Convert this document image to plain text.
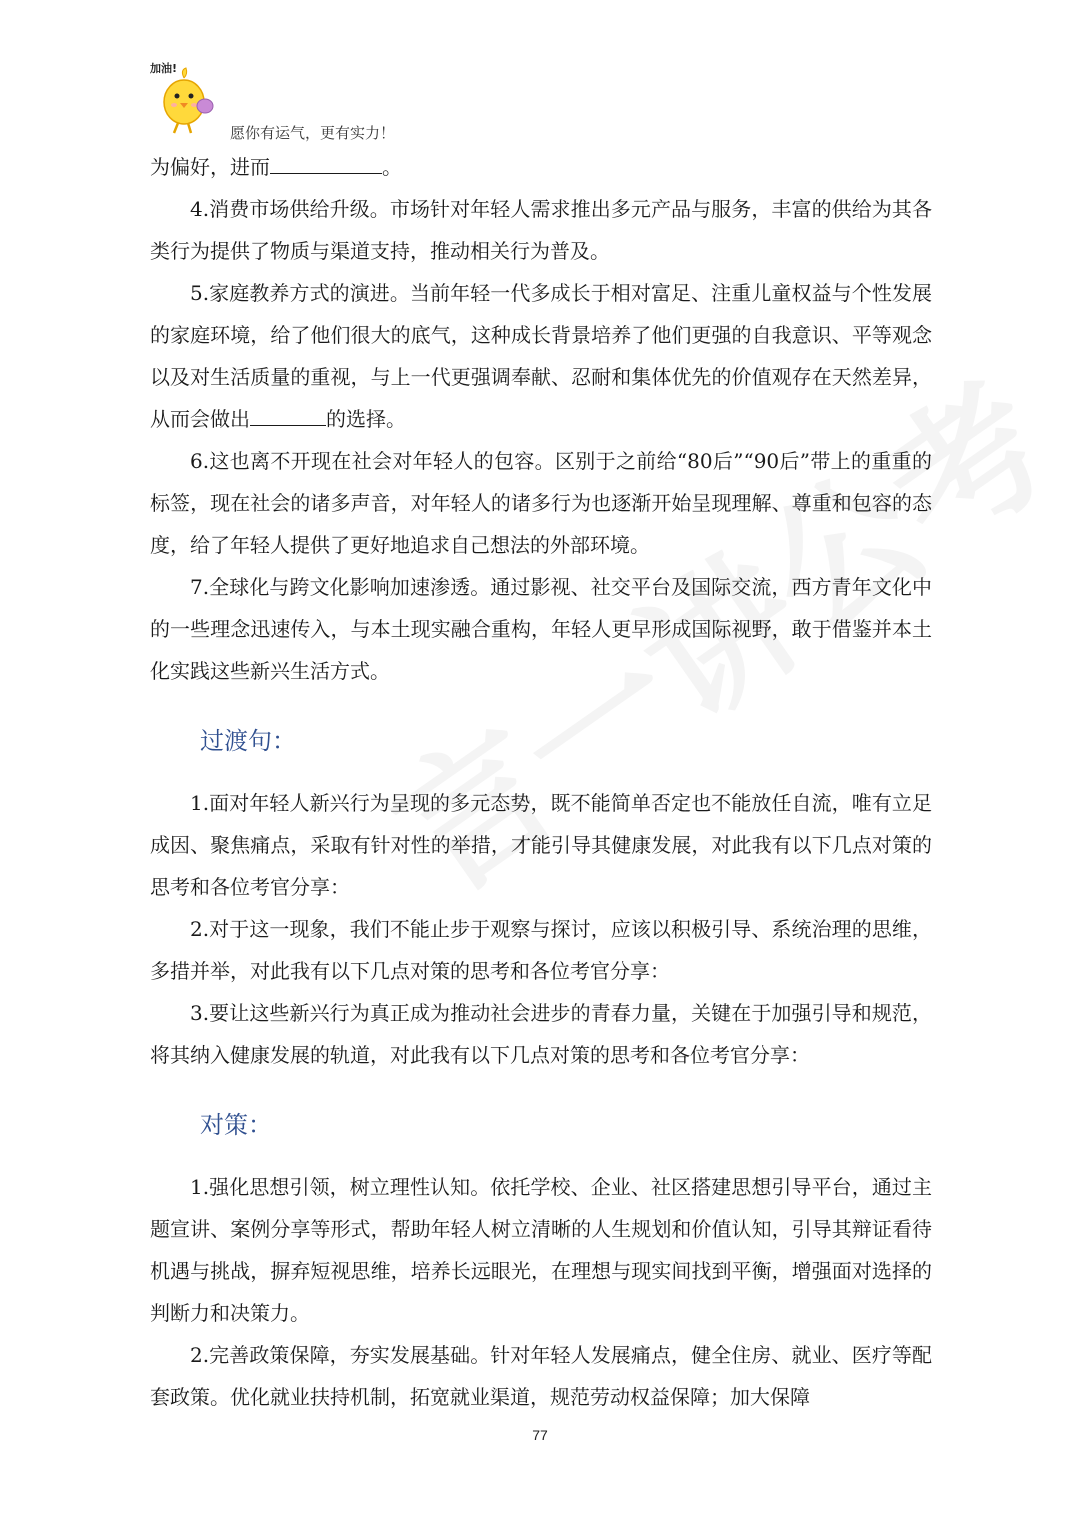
加油!
愿你有运气，更有实力！

为偏好，进而	。

4.消费市场供给升级。市场针对年轻人需求推出多元产品与服务，丰富的供给为其各类行为提供了物质与渠道支持，推动相关行为普及。

5.家庭教养方式的演进。当前年轻一代多成长于相对富足、注重儿童权益与个性发展的家庭环境，给了他们很大的底气，这种成长背景培养了他们更强的自我意识、平等观念以及对生活质量的重视，与上一代更强调奉献、忍耐和集体优先的价值观存在天然差异，从而会做出	的选择。

6.这也离不开现在社会对年轻人的包容。区别于之前给“80后”“90后”带上的重重的标签，现在社会的诸多声音，对年轻人的诸多行为也逐渐开始呈现理解、尊重和包容的态度，给了年轻人提供了更好地追求自己想法的外部环境。

7.全球化与跨文化影响加速渗透。通过影视、社交平台及国际交流，西方青年文化中的一些理念迅速传入，与本土现实融合重构，年轻人更早形成国际视野，敢于借鉴并本土化实践这些新兴生活方式。

过渡句：

1.面对年轻人新兴行为呈现的多元态势，既不能简单否定也不能放任自流，唯有立足成因、聚焦痛点，采取有针对性的举措，才能引导其健康发展，对此我有以下几点对策的思考和各位考官分享：

2.对于这一现象，我们不能止步于观察与探讨，应该以积极引导、系统治理的思维，多措并举，对此我有以下几点对策的思考和各位考官分享：

3.要让这些新兴行为真正成为推动社会进步的青春力量，关键在于加强引导和规范，将其纳入健康发展的轨道，对此我有以下几点对策的思考和各位考官分享：

对策：

1.强化思想引领，树立理性认知。依托学校、企业、社区搭建思想引导平台，通过主题宣讲、案例分享等形式，帮助年轻人树立清晰的人生规划和价值认知，引导其辩证看待机遇与挑战，摒弃短视思维，培养长远眼光，在理想与现实间找到平衡，增强面对选择的判断力和决策力。

2.完善政策保障，夯实发展基础。针对年轻人发展痛点，健全住房、就业、医疗等配套政策。优化就业扶持机制，拓宽就业渠道，规范劳动权益保障；加大保障

77
